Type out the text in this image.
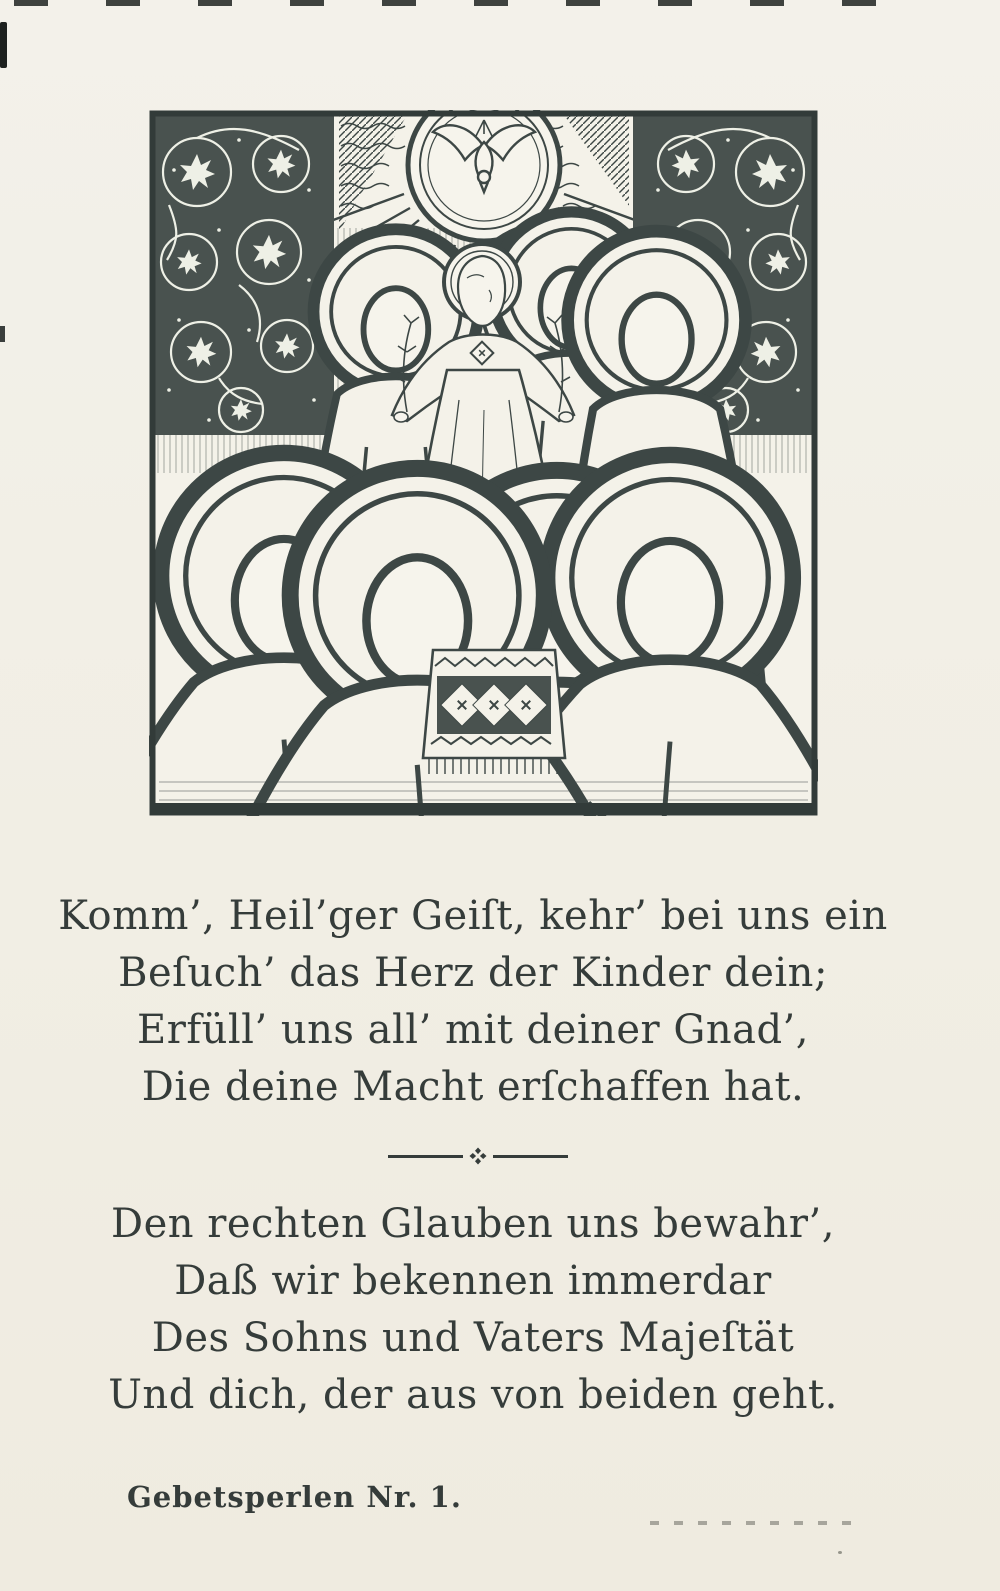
Komm’, Heil’ger Geiſt, kehr’ bei uns ein

Beſuch’ das Herz der Kinder dein;

Erfüll’ uns all’ mit deiner Gnad’,

Die deine Macht erſchaffen hat.

Den rechten Glauben uns bewahr’,

Daß wir bekennen immerdar

Des Sohns und Vaters Majeſtät

Und dich, der aus von beiden geht.

Gebetsperlen Nr. 1.
